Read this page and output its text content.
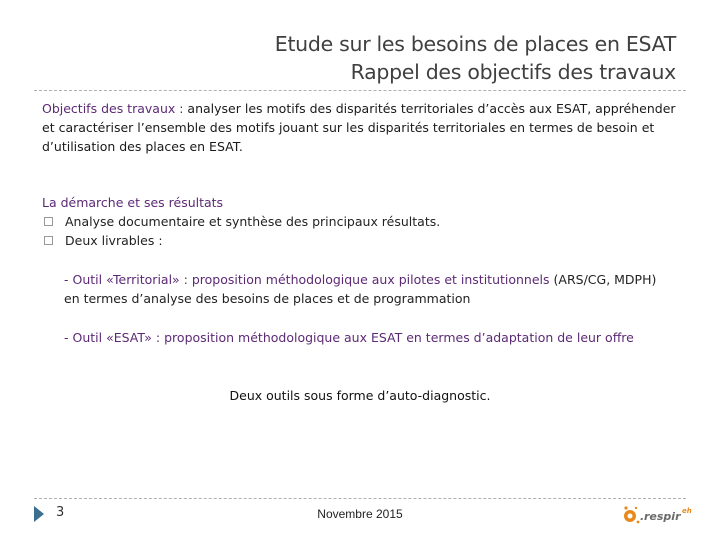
Etude sur les besoins de places en ESAT
Rappel des objectifs des travaux
Objectifs des travaux : analyser les motifs des disparités territoriales d’accès aux ESAT, appréhender et caractériser l’ensemble des motifs jouant sur les disparités territoriales en termes de besoin et d’utilisation des places en ESAT.
La démarche et ses résultats
Analyse documentaire et synthèse des principaux résultats.
Deux livrables :
- Outil «Territorial» : proposition méthodologique aux pilotes et institutionnels (ARS/CG, MDPH) en termes d’analyse des besoins de places et de programmation
- Outil «ESAT» : proposition méthodologique aux ESAT en termes d’adaptation de leur offre
Deux outils sous forme d’auto-diagnostic.
3	Novembre 2015	. respir eh
